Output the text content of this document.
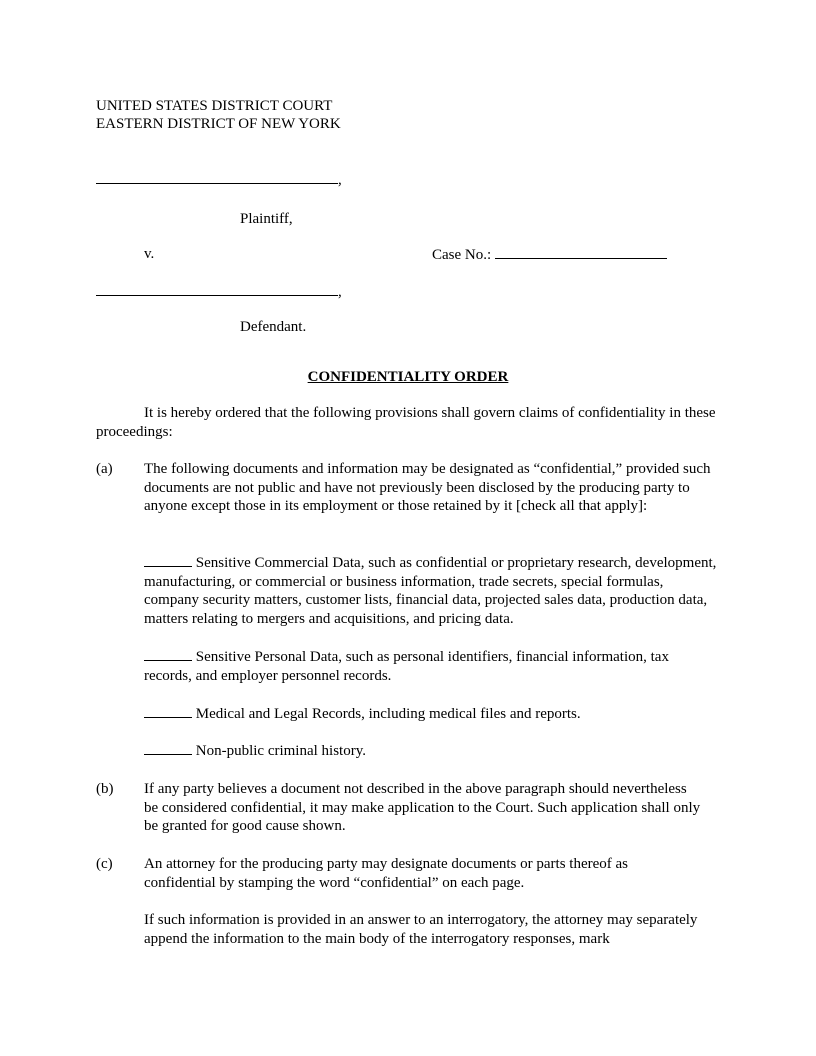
UNITED STATES DISTRICT COURT
EASTERN DISTRICT OF NEW YORK
,
Plaintiff,
v.	Case No.:
,
Defendant.
CONFIDENTIALITY ORDER
It is hereby ordered that the following provisions shall govern claims of confidentiality in these proceedings:
(a) The following documents and information may be designated as “confidential,” provided such documents are not public and have not previously been disclosed by the producing party to anyone except those in its employment or those retained by it [check all that apply]:
Sensitive Commercial Data, such as confidential or proprietary research, development, manufacturing, or commercial or business information, trade secrets, special formulas, company security matters, customer lists, financial data, projected sales data, production data, matters relating to mergers and acquisitions, and pricing data.
Sensitive Personal Data, such as personal identifiers, financial information, tax records, and employer personnel records.
Medical and Legal Records, including medical files and reports.
Non-public criminal history.
(b) If any party believes a document not described in the above paragraph should nevertheless be considered confidential, it may make application to the Court. Such application shall only be granted for good cause shown.
(c) An attorney for the producing party may designate documents or parts thereof as confidential by stamping the word “confidential” on each page.
If such information is provided in an answer to an interrogatory, the attorney may separately append the information to the main body of the interrogatory responses, mark
